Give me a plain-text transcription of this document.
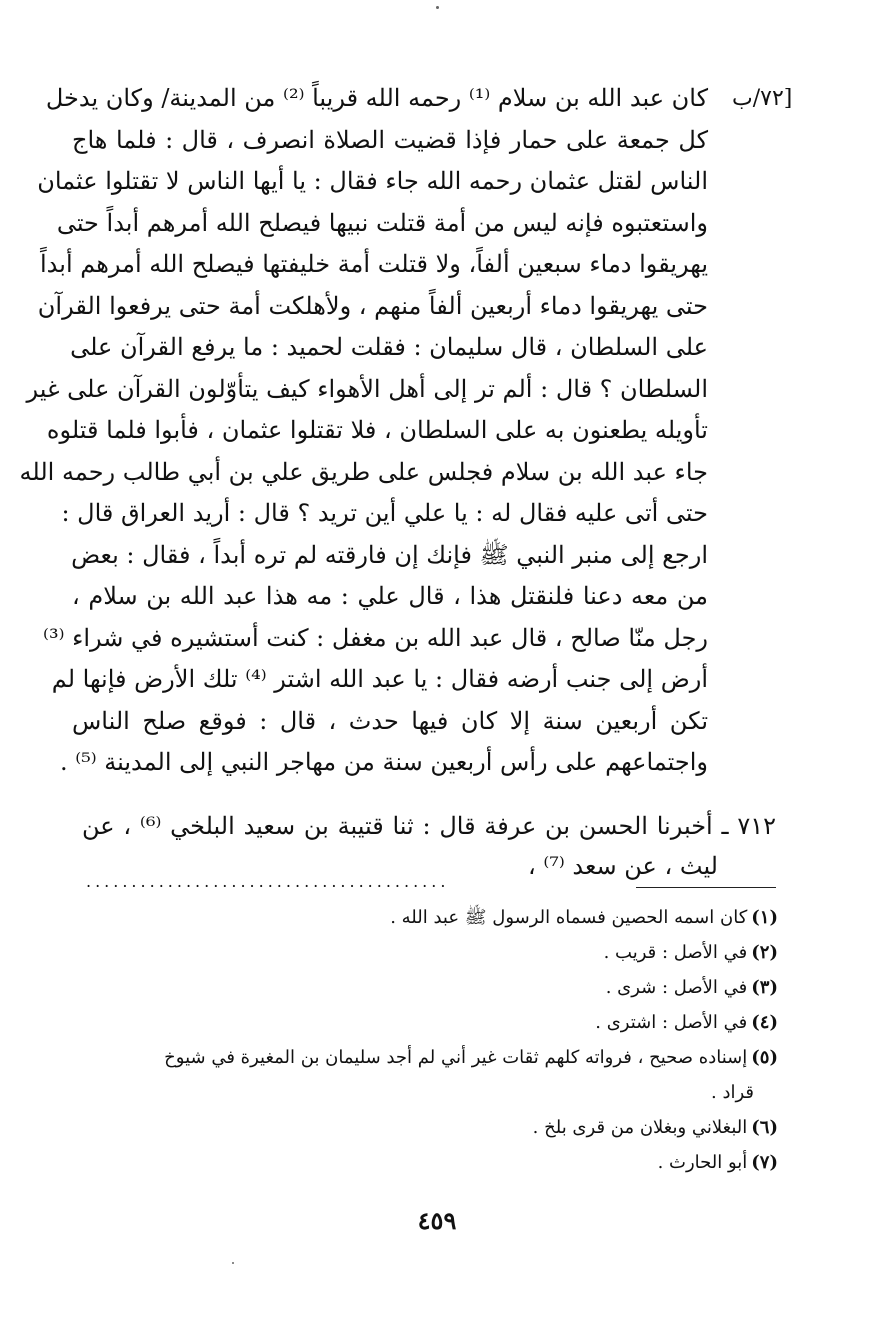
[٧٢/ب
كان عبد الله بن سلام ⁽¹⁾ رحمه الله قريباً ⁽²⁾ من المدينة/ وكان يدخل
كل جمعة على حمار فإذا قضيت الصلاة انصرف ، قال : فلما هاج
الناس لقتل عثمان رحمه الله جاء فقال : يا أيها الناس لا تقتلوا عثمان
واستعتبوه فإنه ليس من أمة قتلت نبيها فيصلح الله أمرهم أبداً حتى
يهريقوا دماء سبعين ألفاً، ولا قتلت أمة خليفتها فيصلح الله أمرهم أبداً
حتى يهريقوا دماء أربعين ألفاً منهم ، ولأهلكت أمة حتى يرفعوا القرآن
على السلطان ، قال سليمان : فقلت لحميد : ما يرفع القرآن على
السلطان ؟ قال : ألم تر إلى أهل الأهواء كيف يتأوّلون القرآن على غير
تأويله يطعنون به على السلطان ، فلا تقتلوا عثمان ، فأبوا فلما قتلوه
جاء عبد الله بن سلام فجلس على طريق علي بن أبي طالب رحمه الله
حتى أتى عليه فقال له : يا علي أين تريد ؟ قال : أريد العراق قال :
ارجع إلى منبر النبي ﷺ فإنك إن فارقته لم تره أبداً ، فقال : بعض
من معه دعنا فلنقتل هذا ، قال علي : مه هذا عبد الله بن سلام ،
رجل منّا صالح ، قال عبد الله بن مغفل : كنت أستشيره في شراء ⁽³⁾
أرض إلى جنب أرضه فقال : يا عبد الله اشتر ⁽⁴⁾ تلك الأرض فإنها لم
تكن أربعين سنة إلا كان فيها حدث ، قال : فوقع صلح الناس
واجتماعهم على رأس أربعين سنة من مهاجر النبي إلى المدينة ⁽⁵⁾ .
٧١٢ ـ أخبرنا الحسن بن عرفة قال : ثنا قتيبة بن سعيد البلخي ⁽⁶⁾ ، عن
ليث ، عن سعد ⁽⁷⁾ ،
........................................
(١)كان اسمه الحصين فسماه الرسول ﷺ عبد الله .
(٢)في الأصل : قريب .
(٣)في الأصل : شرى .
(٤)في الأصل : اشترى .
(٥)إسناده صحيح ، فرواته كلهم ثقات غير أني لم أجد سليمان بن المغيرة في شيوخ
قراد .
(٦)البغلاني وبغلان من قرى بلخ .
(٧)أبو الحارث .
٤٥٩
